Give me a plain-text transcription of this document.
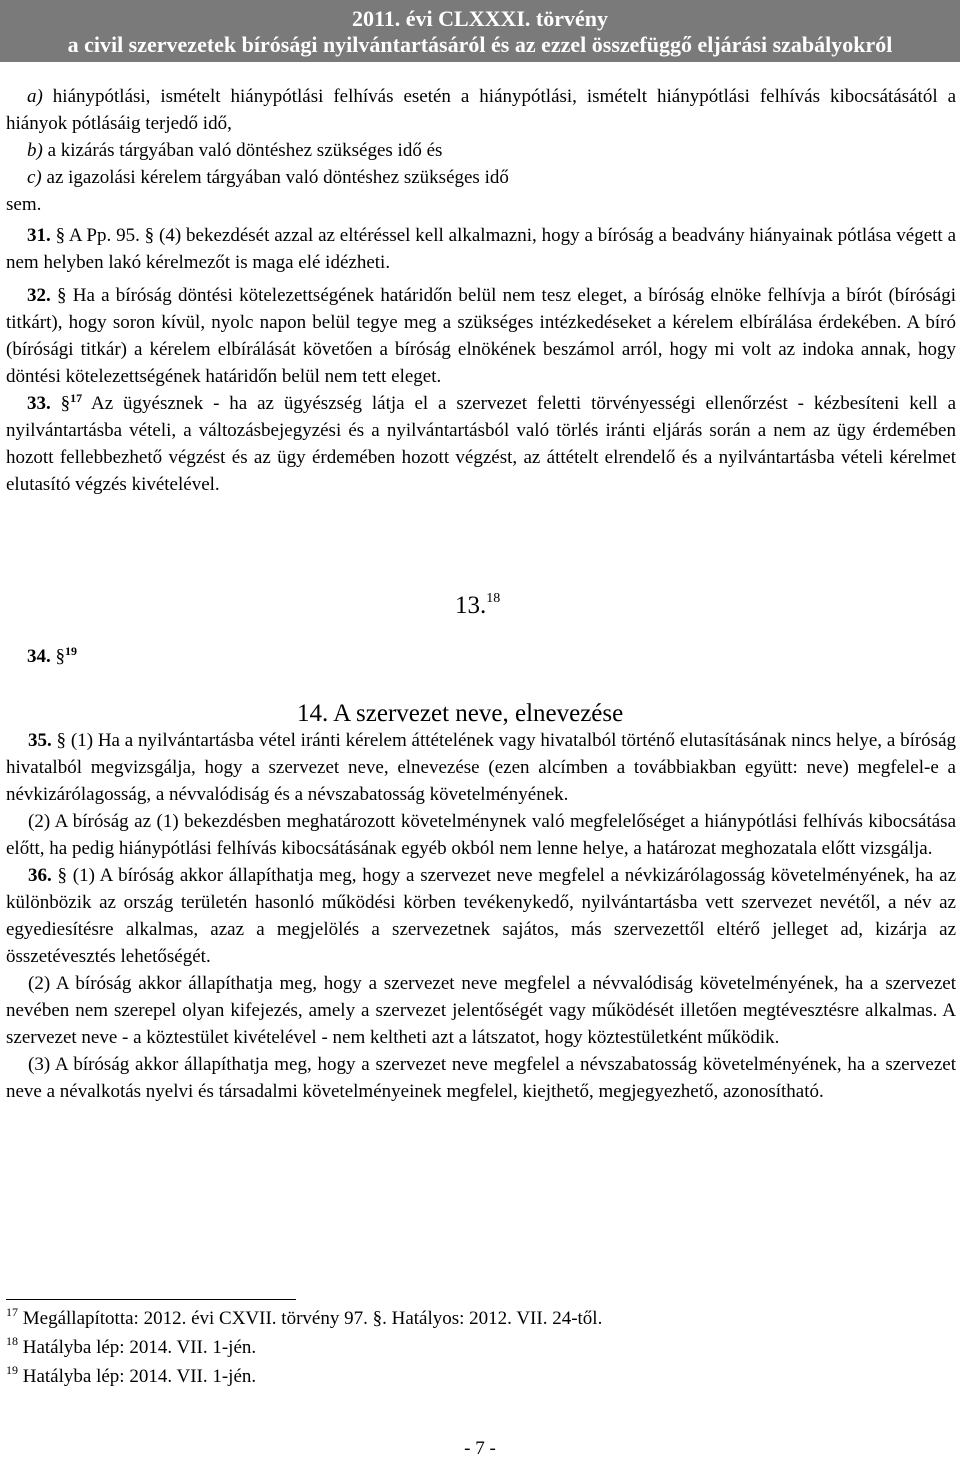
2011. évi CLXXXI. törvény
a civil szervezetek bírósági nyilvántartásáról és az ezzel összefüggő eljárási szabályokról

a) hiánypótlási, ismételt hiánypótlási felhívás esetén a hiánypótlási, ismételt hiánypótlási felhívás kibocsátásától a hiányok pótlásáig terjedő idő,

b) a kizárás tárgyában való döntéshez szükséges idő és

c) az igazolási kérelem tárgyában való döntéshez szükséges idő

sem.

31. § A Pp. 95. § (4) bekezdését azzal az eltéréssel kell alkalmazni, hogy a bíróság a beadvány hiányainak pótlása végett a nem helyben lakó kérelmezőt is maga elé idézheti.

32. § Ha a bíróság döntési kötelezettségének határidőn belül nem tesz eleget, a bíróság elnöke felhívja a bírót (bírósági titkárt), hogy soron kívül, nyolc napon belül tegye meg a szükséges intézkedéseket a kérelem elbírálása érdekében. A bíró (bírósági titkár) a kérelem elbírálását követően a bíróság elnökének beszámol arról, hogy mi volt az indoka annak, hogy döntési kötelezettségének határidőn belül nem tett eleget.

33. §$^{17}$ Az ügyésznek - ha az ügyészség látja el a szervezet feletti törvényességi ellenőrzést - kézbesíteni kell a nyilvántartásba vételi, a változásbejegyzési és a nyilvántartásból való törlés iránti eljárás során a nem az ügy érdemében hozott fellebbezhető végzést és az ügy érdemében hozott végzést, az áttételt elrendelő és a nyilvántartásba vételi kérelmet elutasító végzés kivételével.

13.18
34. §$^{19}$
14. A szervezet neve, elnevezése

35. § (1) Ha a nyilvántartásba vétel iránti kérelem áttételének vagy hivatalból történő elutasításának nincs helye, a bíróság hivatalból megvizsgálja, hogy a szervezet neve, elnevezése (ezen alcímben a továbbiakban együtt: neve) megfelel-e a névkizárólagosság, a névvalódiság és a névszabatosság követelményének.

(2) A bíróság az (1) bekezdésben meghatározott követelménynek való megfelelőséget a hiánypótlási felhívás kibocsátása előtt, ha pedig hiánypótlási felhívás kibocsátásának egyéb okból nem lenne helye, a határozat meghozatala előtt vizsgálja.

36. § (1) A bíróság akkor állapíthatja meg, hogy a szervezet neve megfelel a névkizárólagosság követelményének, ha az különbözik az ország területén hasonló működési körben tevékenykedő, nyilvántartásba vett szervezet nevétől, a név az egyediesítésre alkalmas, azaz a megjelölés a szervezetnek sajátos, más szervezettől eltérő jelleget ad, kizárja az összetévesztés lehetőségét.

(2) A bíróság akkor állapíthatja meg, hogy a szervezet neve megfelel a névvalódiság követelményének, ha a szervezet nevében nem szerepel olyan kifejezés, amely a szervezet jelentőségét vagy működését illetően megtévesztésre alkalmas. A szervezet neve - a köztestület kivételével - nem keltheti azt a látszatot, hogy köztestületként működik.

(3) A bíróság akkor állapíthatja meg, hogy a szervezet neve megfelel a névszabatosság követelményének, ha a szervezet neve a névalkotás nyelvi és társadalmi követelményeinek megfelel, kiejthető, megjegyezhető, azonosítható.

$^{17}$ Megállapította: 2012. évi CXVII. törvény 97. §. Hatályos: 2012. VII. 24-től.
$^{18}$ Hatályba lép: 2014. VII. 1-jén.
$^{19}$ Hatályba lép: 2014. VII. 1-jén.
- 7 -
